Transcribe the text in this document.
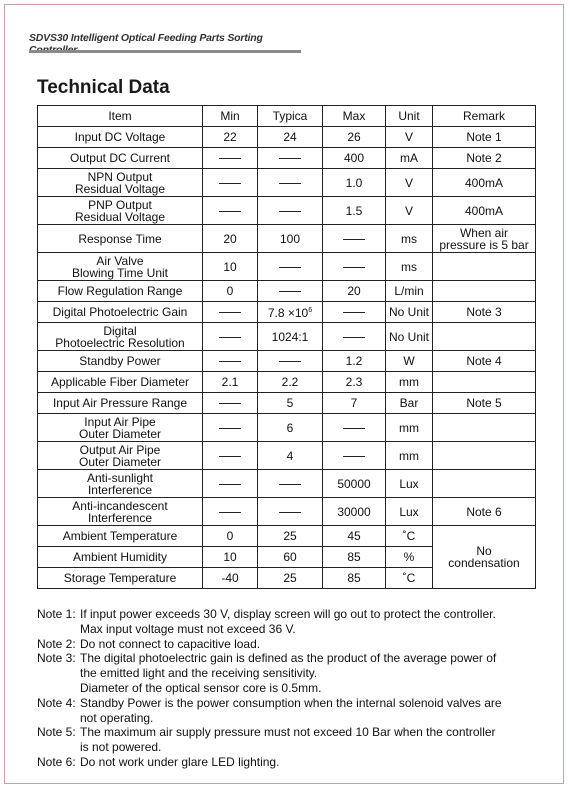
SDVS30 Intelligent Optical Feeding Parts Sorting
Technical Data
Item	Min	Typica	Max	Unit	Remark

Input DC Voltage	22	24	26	V	Note 1

Output DC Current			400	mA	Note 2

NPN Output
Residual Voltage			1.0	V	400mA

PNP Output
Residual Voltage			1.5	V	400mA

Response Time	20	100		ms	When air
pressure is 5 bar

Air Valve
Blowing Time Unit	10			ms	

Flow Regulation Range	0		20	L/min	

Digital Photoelectric Gain		$7.8 \times 10^6$		No Unit	Note 3

Digital
Photoelectric Resolution		1024:1		No Unit	

Standby Power			1.2	W	Note 4

Applicable Fiber Diameter	2.1	2.2	2.3	mm	

Input Air Pressure Range		5	7	Bar	Note 5

Input Air Pipe
Outer Diameter		6		mm	

Output Air Pipe
Outer Diameter		4		mm	

Anti-sunlight
Interference			50000	Lux	

Anti-incandescent
Interference			30000	Lux	Note 6

Ambient Temperature	0	25	45	˚C	No
condensation

Ambient Humidity	10	60	85	%	

Storage Temperature	-40	25	85	˚C	
Note 1: If input power exceeds 30 V, display screen will go out to protect the controller.
Max input voltage must not exceed 36 V.
Note 2: Do not connect to capacitive load.
Note 3: The digital photoelectric gain is defined as the product of the average power of
the emitted light and the receiving sensitivity.
Diameter of the optical sensor core is 0.5mm.
Note 4: Standby Power is the power consumption when the internal solenoid valves are
not operating.
Note 5: The maximum air supply pressure must not exceed 10 Bar when the controller
is not powered.
Note 6: Do not work under glare LED lighting.
